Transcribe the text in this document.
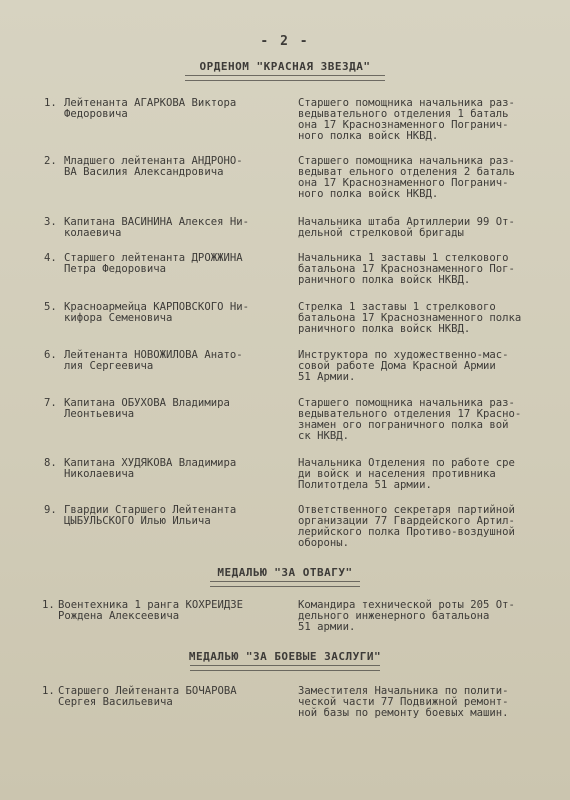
- 2 -
ОРДЕНОМ "КРАСНАЯ ЗВЕЗДА"
1. Лейтенанта АГАРКОВА Виктора
Федоровича
Старшего помощника начальника раз-
ведывательного отделения 1 баталь
она 17 Краснознаменного Погранич-
ного полка войск НКВД.
2. Младшего лейтенанта АНДРОНО-
ВА Василия Александровича
Старшего помощника начальника раз-
ведыват ельного отделения 2 баталь
она 17 Краснознаменного Погранич-
ного полка войск НКВД.
3. Капитана ВАСИНИНА Алексея Ни-
колаевича
Начальника штаба Артиллерии 99 От-
дельной стрелковой бригады
4. Старшего лейтенанта ДРОЖЖИНА
Петра Федоровича
Начальника 1 заставы 1 стелкового
батальона 17 Краснознаменного Пог-
раничного полка войск НКВД.
5. Красноармейца КАРПОВСКОГО Ни-
кифора Семеновича
Стрелка 1 заставы 1 стрелкового
батальона 17 Краснознаменного полка
раничного полка войск НКВД.
6. Лейтенанта НОВОЖИЛОВА Анато-
лия Сергеевича
Инструктора по художественно-мас-
совой работе Дома Красной Армии
51 Армии.
7. Капитана ОБУХОВА Владимира
Леонтьевича
Старшего помощника начальника раз-
ведывательного отделения 17 Красно-
знамен ого пограничного полка вой
ск НКВД.
8. Капитана ХУДЯКОВА Владимира
Николаевича
Начальника Отделения по работе сре
ди войск и населения противника
Политотдела 51 армии.
9. Гвардии Старшего Лейтенанта
ЦЫБУЛЬСКОГО Илью Ильича
Ответственного секретаря партийной
организации 77 Гвардейского Артил-
лерийского полка Противо-воздушной
обороны.
МЕДАЛЬЮ "ЗА ОТВАГУ"
1. Воентехника 1 ранга КОХРЕИДЗЕ
Рождена Алексеевича
Командира технической роты 205 От-
дельного инженерного батальона
51 армии.
МЕДАЛЬЮ "ЗА БОЕВЫЕ ЗАСЛУГИ"
1. Старшего Лейтенанта БОЧАРОВА
Сергея Васильевича
Заместителя Начальника по полити-
ческой части 77 Подвижной ремонт-
ной базы по ремонту боевых машин.
